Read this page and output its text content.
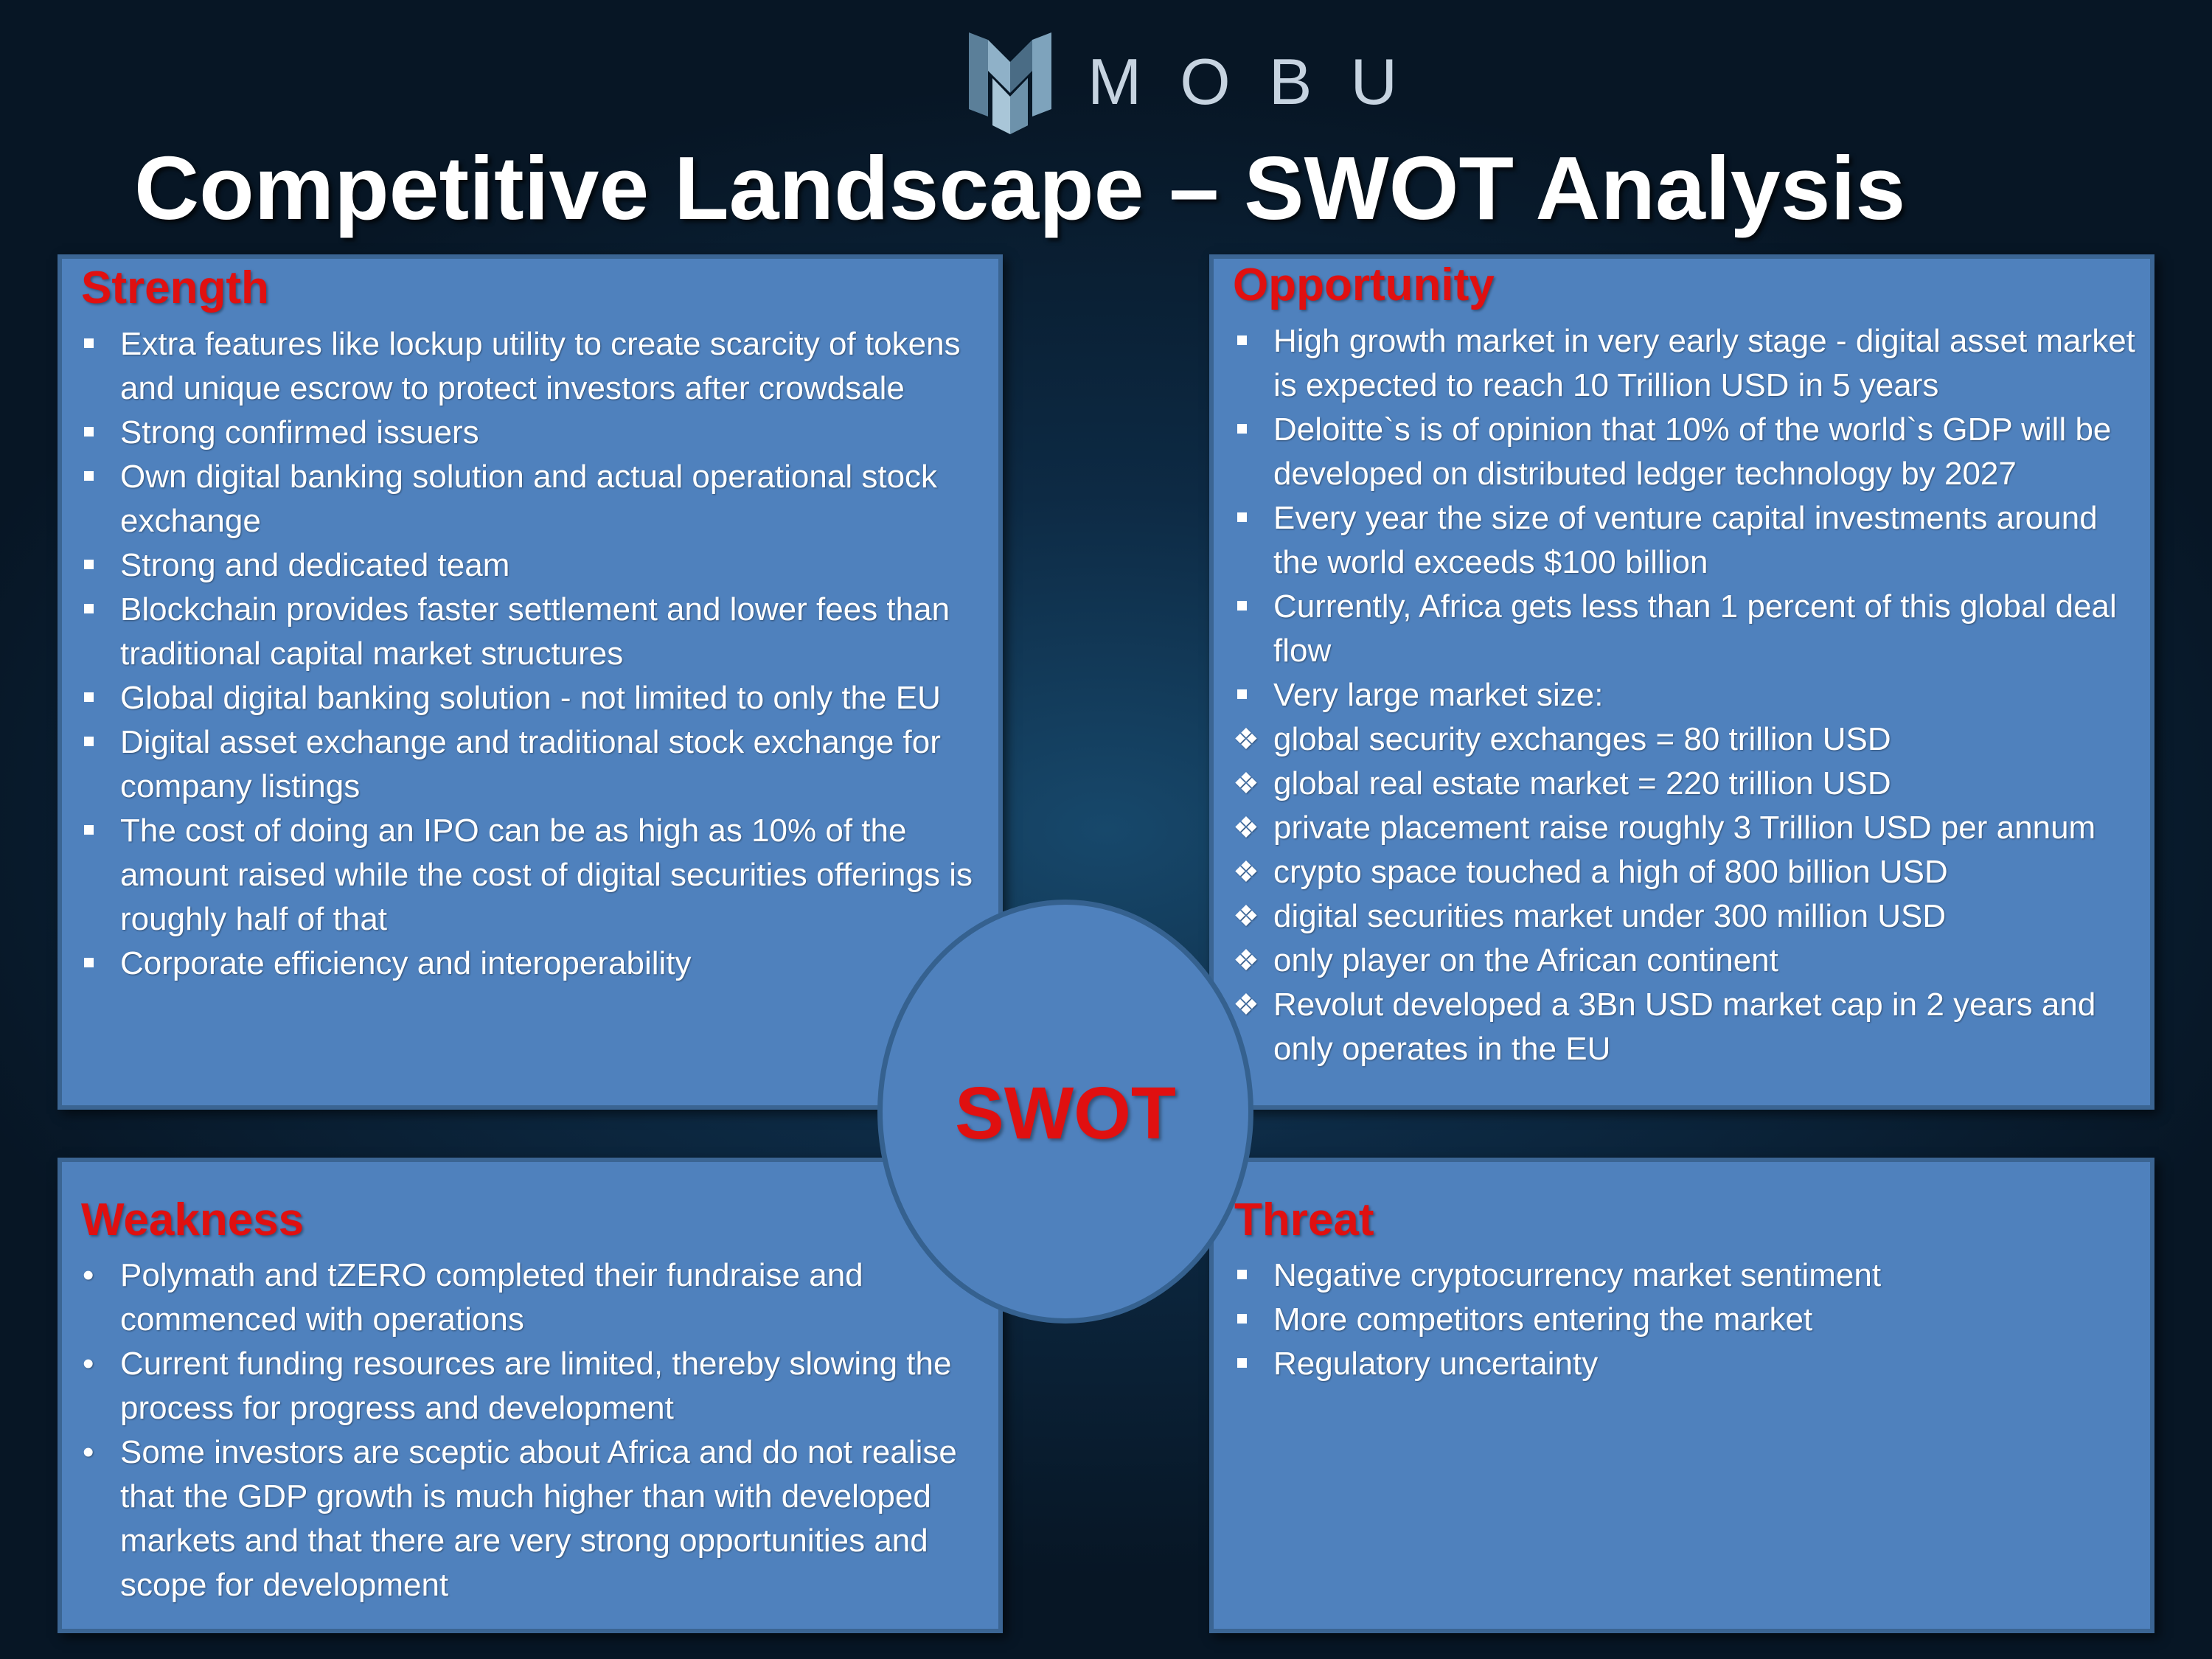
MOBU
Competitive Landscape – SWOT Analysis
Strength
Extra features like lockup utility to create scarcity of tokens and unique escrow to protect investors after crowdsale
Strong confirmed issuers
Own digital banking solution and actual operational stock exchange
Strong and dedicated team
Blockchain provides faster settlement and lower fees than traditional capital market structures
Global digital banking solution - not limited to only the EU
Digital asset exchange and traditional stock exchange for company listings
The cost of doing an IPO can be as high as 10% of the amount raised while the cost of digital securities offerings is roughly half of that
Corporate efficiency and interoperability
Opportunity
High growth market in very early stage - digital asset market is expected to reach 10 Trillion USD in 5 years
Deloitte`s is of opinion that 10% of the world`s GDP will be developed on distributed ledger technology by 2027
Every year the size of venture capital investments around the world exceeds $100 billion
Currently, Africa gets less than 1 percent of this global deal flow
Very large market size:
❖ global security exchanges = 80 trillion USD
❖ global real estate market = 220 trillion USD
❖ private placement raise roughly 3 Trillion USD per annum
❖ crypto space touched a high of 800 billion USD
❖ digital securities market under 300 million USD
❖ only player on the African continent
❖ Revolut developed a 3Bn USD market cap in 2 years and only operates in the EU
Weakness
• Polymath and tZERO completed their fundraise and commenced with operations
• Current funding resources are limited, thereby slowing the process for progress and development
• Some investors are sceptic about Africa and do not realise that the GDP growth is much higher than with developed markets and that there are very strong opportunities and scope for development
Threat
Negative cryptocurrency market sentiment
More competitors entering the market
Regulatory uncertainty
SWOT
